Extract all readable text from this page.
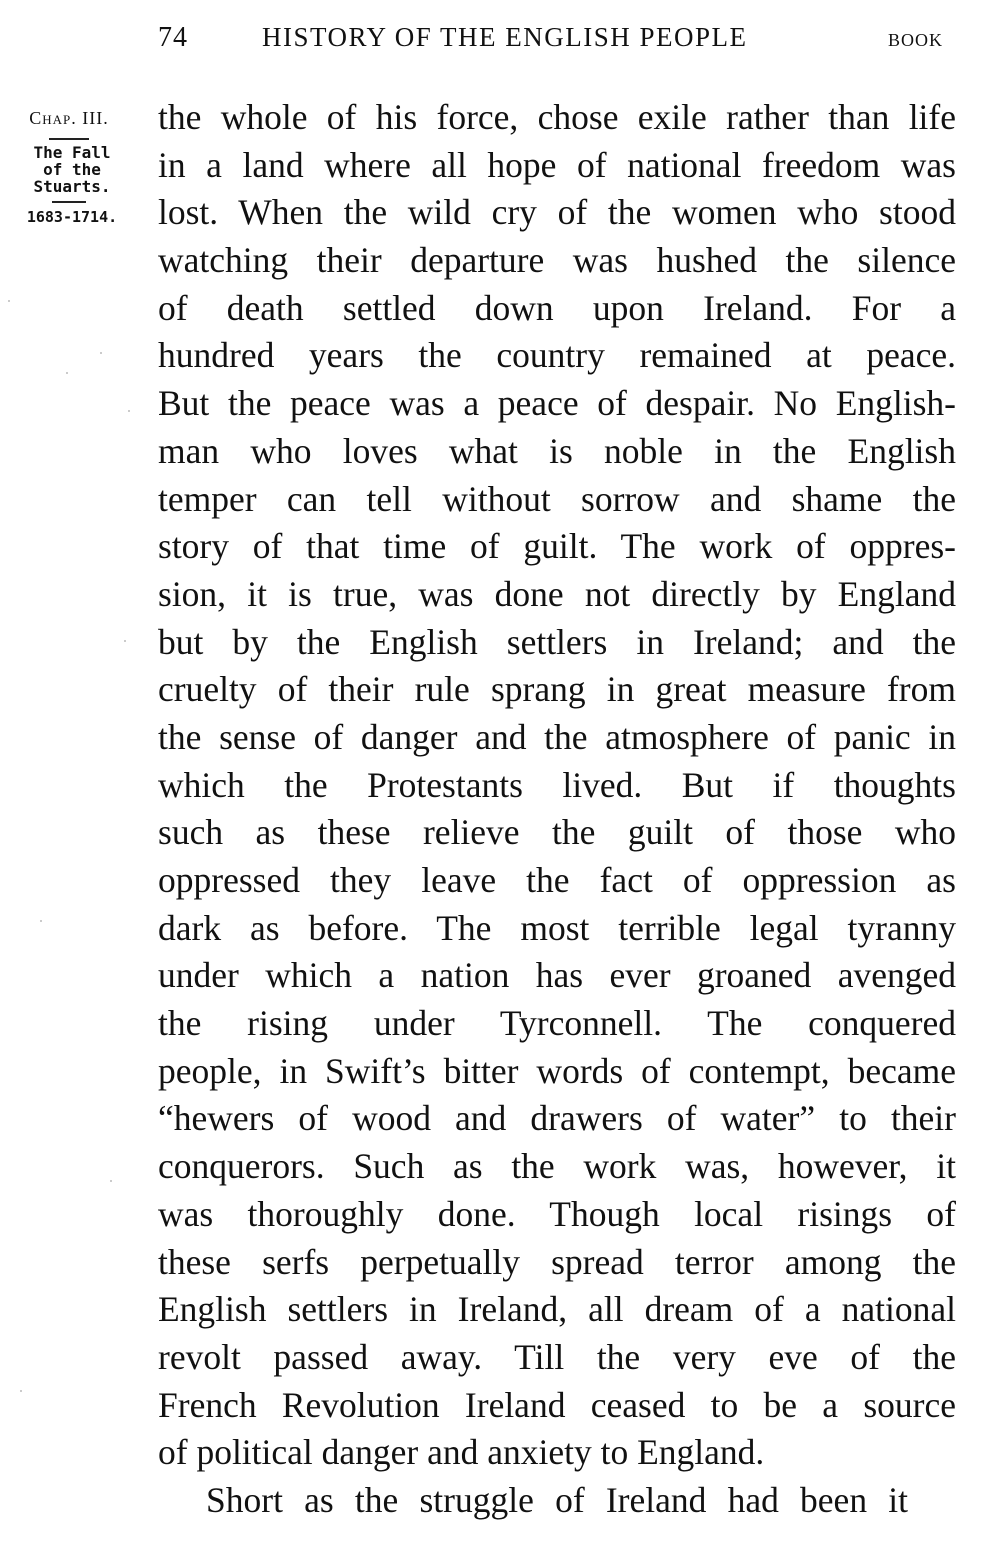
74	HISTORY OF THE ENGLISH PEOPLE	BOOK
Chap. III.
The Fall
of the
Stuarts.
1683-1714.
the whole of his force, chose exile rather than life
in a land where all hope of national freedom was
lost. When the wild cry of the women who stood
watching their departure was hushed the silence
of death settled down upon Ireland. For a
hundred years the country remained at peace.
But the peace was a peace of despair. No English-
man who loves what is noble in the English
temper can tell without sorrow and shame the
story of that time of guilt. The work of oppres-
sion, it is true, was done not directly by England
but by the English settlers in Ireland; and the
cruelty of their rule sprang in great measure from
the sense of danger and the atmosphere of panic in
which the Protestants lived. But if thoughts
such as these relieve the guilt of those who
oppressed they leave the fact of oppression as
dark as before. The most terrible legal tyranny
under which a nation has ever groaned avenged
the rising under Tyrconnell. The conquered
people, in Swift’s bitter words of contempt, became
“hewers of wood and drawers of water” to their
conquerors. Such as the work was, however, it
was thoroughly done. Though local risings of
these serfs perpetually spread terror among the
English settlers in Ireland, all dream of a national
revolt passed away. Till the very eve of the
French Revolution Ireland ceased to be a source
of political danger and anxiety to England.
Short as the struggle of Ireland had been it
